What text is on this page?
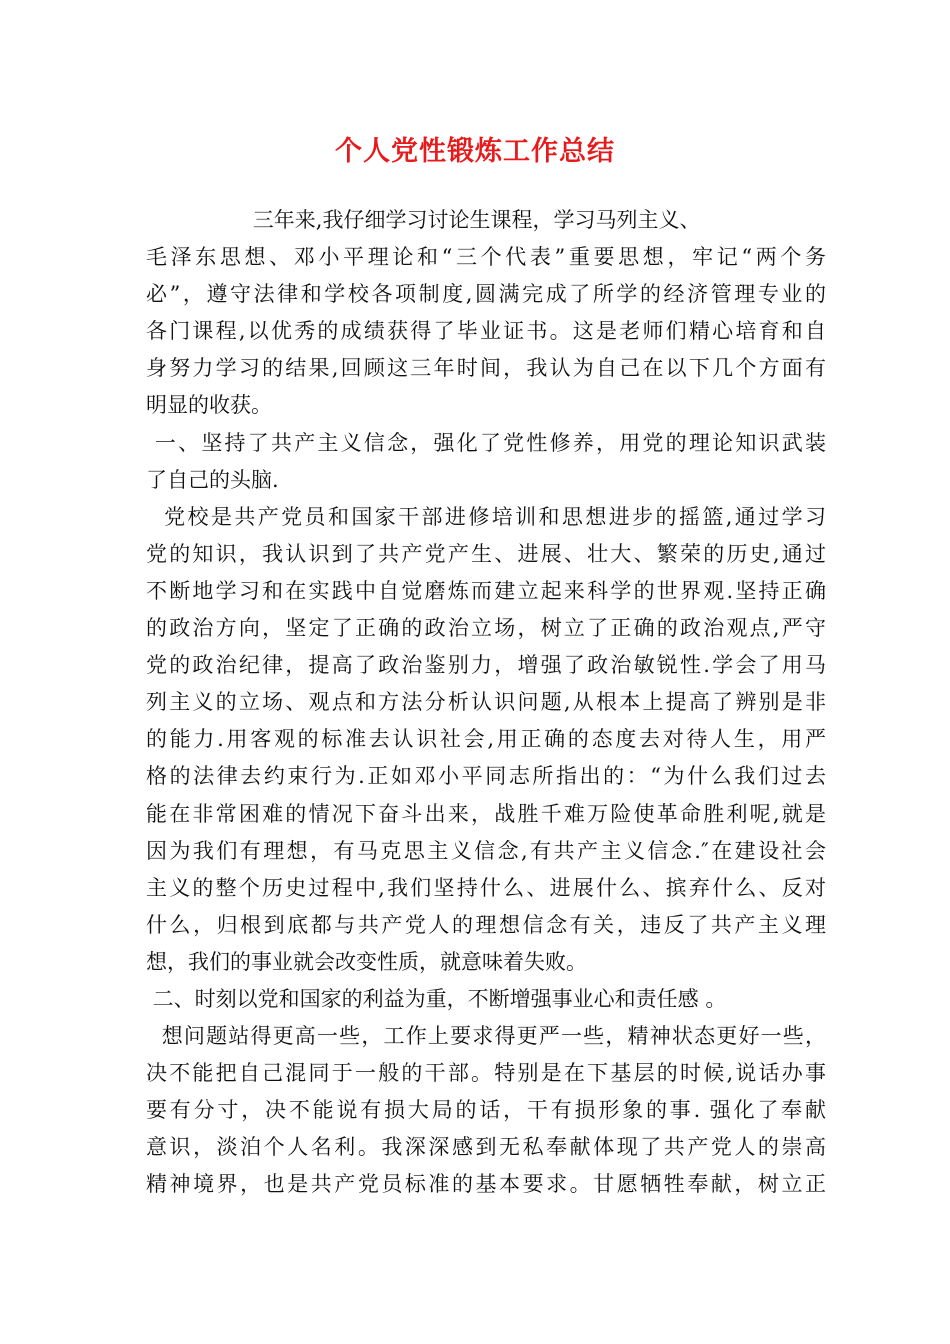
个人党性锻炼工作总结
三年来,我仔细学习讨论生课程，学习马列主义、
毛泽东思想、邓小平理论和“三个代表”重要思想，牢记“两个务
必”，遵守法律和学校各项制度,圆满完成了所学的经济管理专业的
各门课程,以优秀的成绩获得了毕业证书。这是老师们精心培育和自
身努力学习的结果,回顾这三年时间，我认为自己在以下几个方面有
明显的收获。
一、坚持了共产主义信念，强化了党性修养，用党的理论知识武装
了自己的头脑.
党校是共产党员和国家干部进修培训和思想进步的摇篮,通过学习
党的知识，我认识到了共产党产生、进展、壮大、繁荣的历史,通过
不断地学习和在实践中自觉磨炼而建立起来科学的世界观.坚持正确
的政治方向，坚定了正确的政治立场，树立了正确的政治观点,严守
党的政治纪律，提高了政治鉴别力，增强了政治敏锐性.学会了用马
列主义的立场、观点和方法分析认识问题,从根本上提高了辨别是非
的能力.用客观的标准去认识社会,用正确的态度去对待人生，用严
格的法律去约束行为.正如邓小平同志所指出的：“为什么我们过去
能在非常困难的情况下奋斗出来，战胜千难万险使革命胜利呢,就是
因为我们有理想，有马克思主义信念,有共产主义信念.″在建设社会
主义的整个历史过程中,我们坚持什么、进展什么、摈弃什么、反对
什么，归根到底都与共产党人的理想信念有关，违反了共产主义理
想，我们的事业就会改变性质，就意味着失败。
二、时刻以党和国家的利益为重，不断增强事业心和责任感 。
想问题站得更高一些，工作上要求得更严一些，精神状态更好一些，
决不能把自己混同于一般的干部。特别是在下基层的时候,说话办事
要有分寸，决不能说有损大局的话，干有损形象的事. 强化了奉献
意识，淡泊个人名利。我深深感到无私奉献体现了共产党人的崇高
精神境界，也是共产党员标准的基本要求。甘愿牺牲奉献，树立正
